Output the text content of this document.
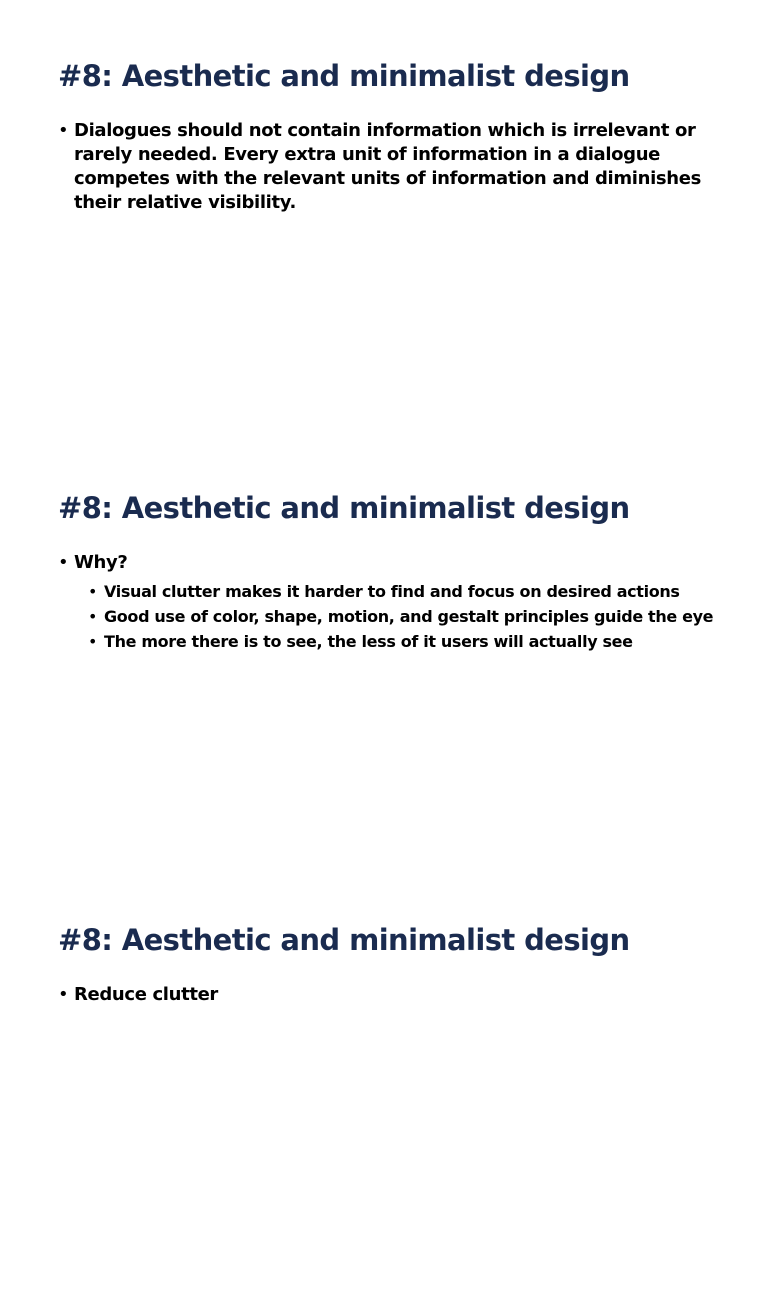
#8: Aesthetic and minimalist design
• Dialogues should not contain information which is irrelevant or rarely needed. Every extra unit of information in a dialogue competes with the relevant units of information and diminishes their relative visibility.
#8: Aesthetic and minimalist design
• Why?
• Visual clutter makes it harder to find and focus on desired actions
• Good use of color, shape, motion, and gestalt principles guide the eye
• The more there is to see, the less of it users will actually see
#8: Aesthetic and minimalist design
• Reduce clutter
